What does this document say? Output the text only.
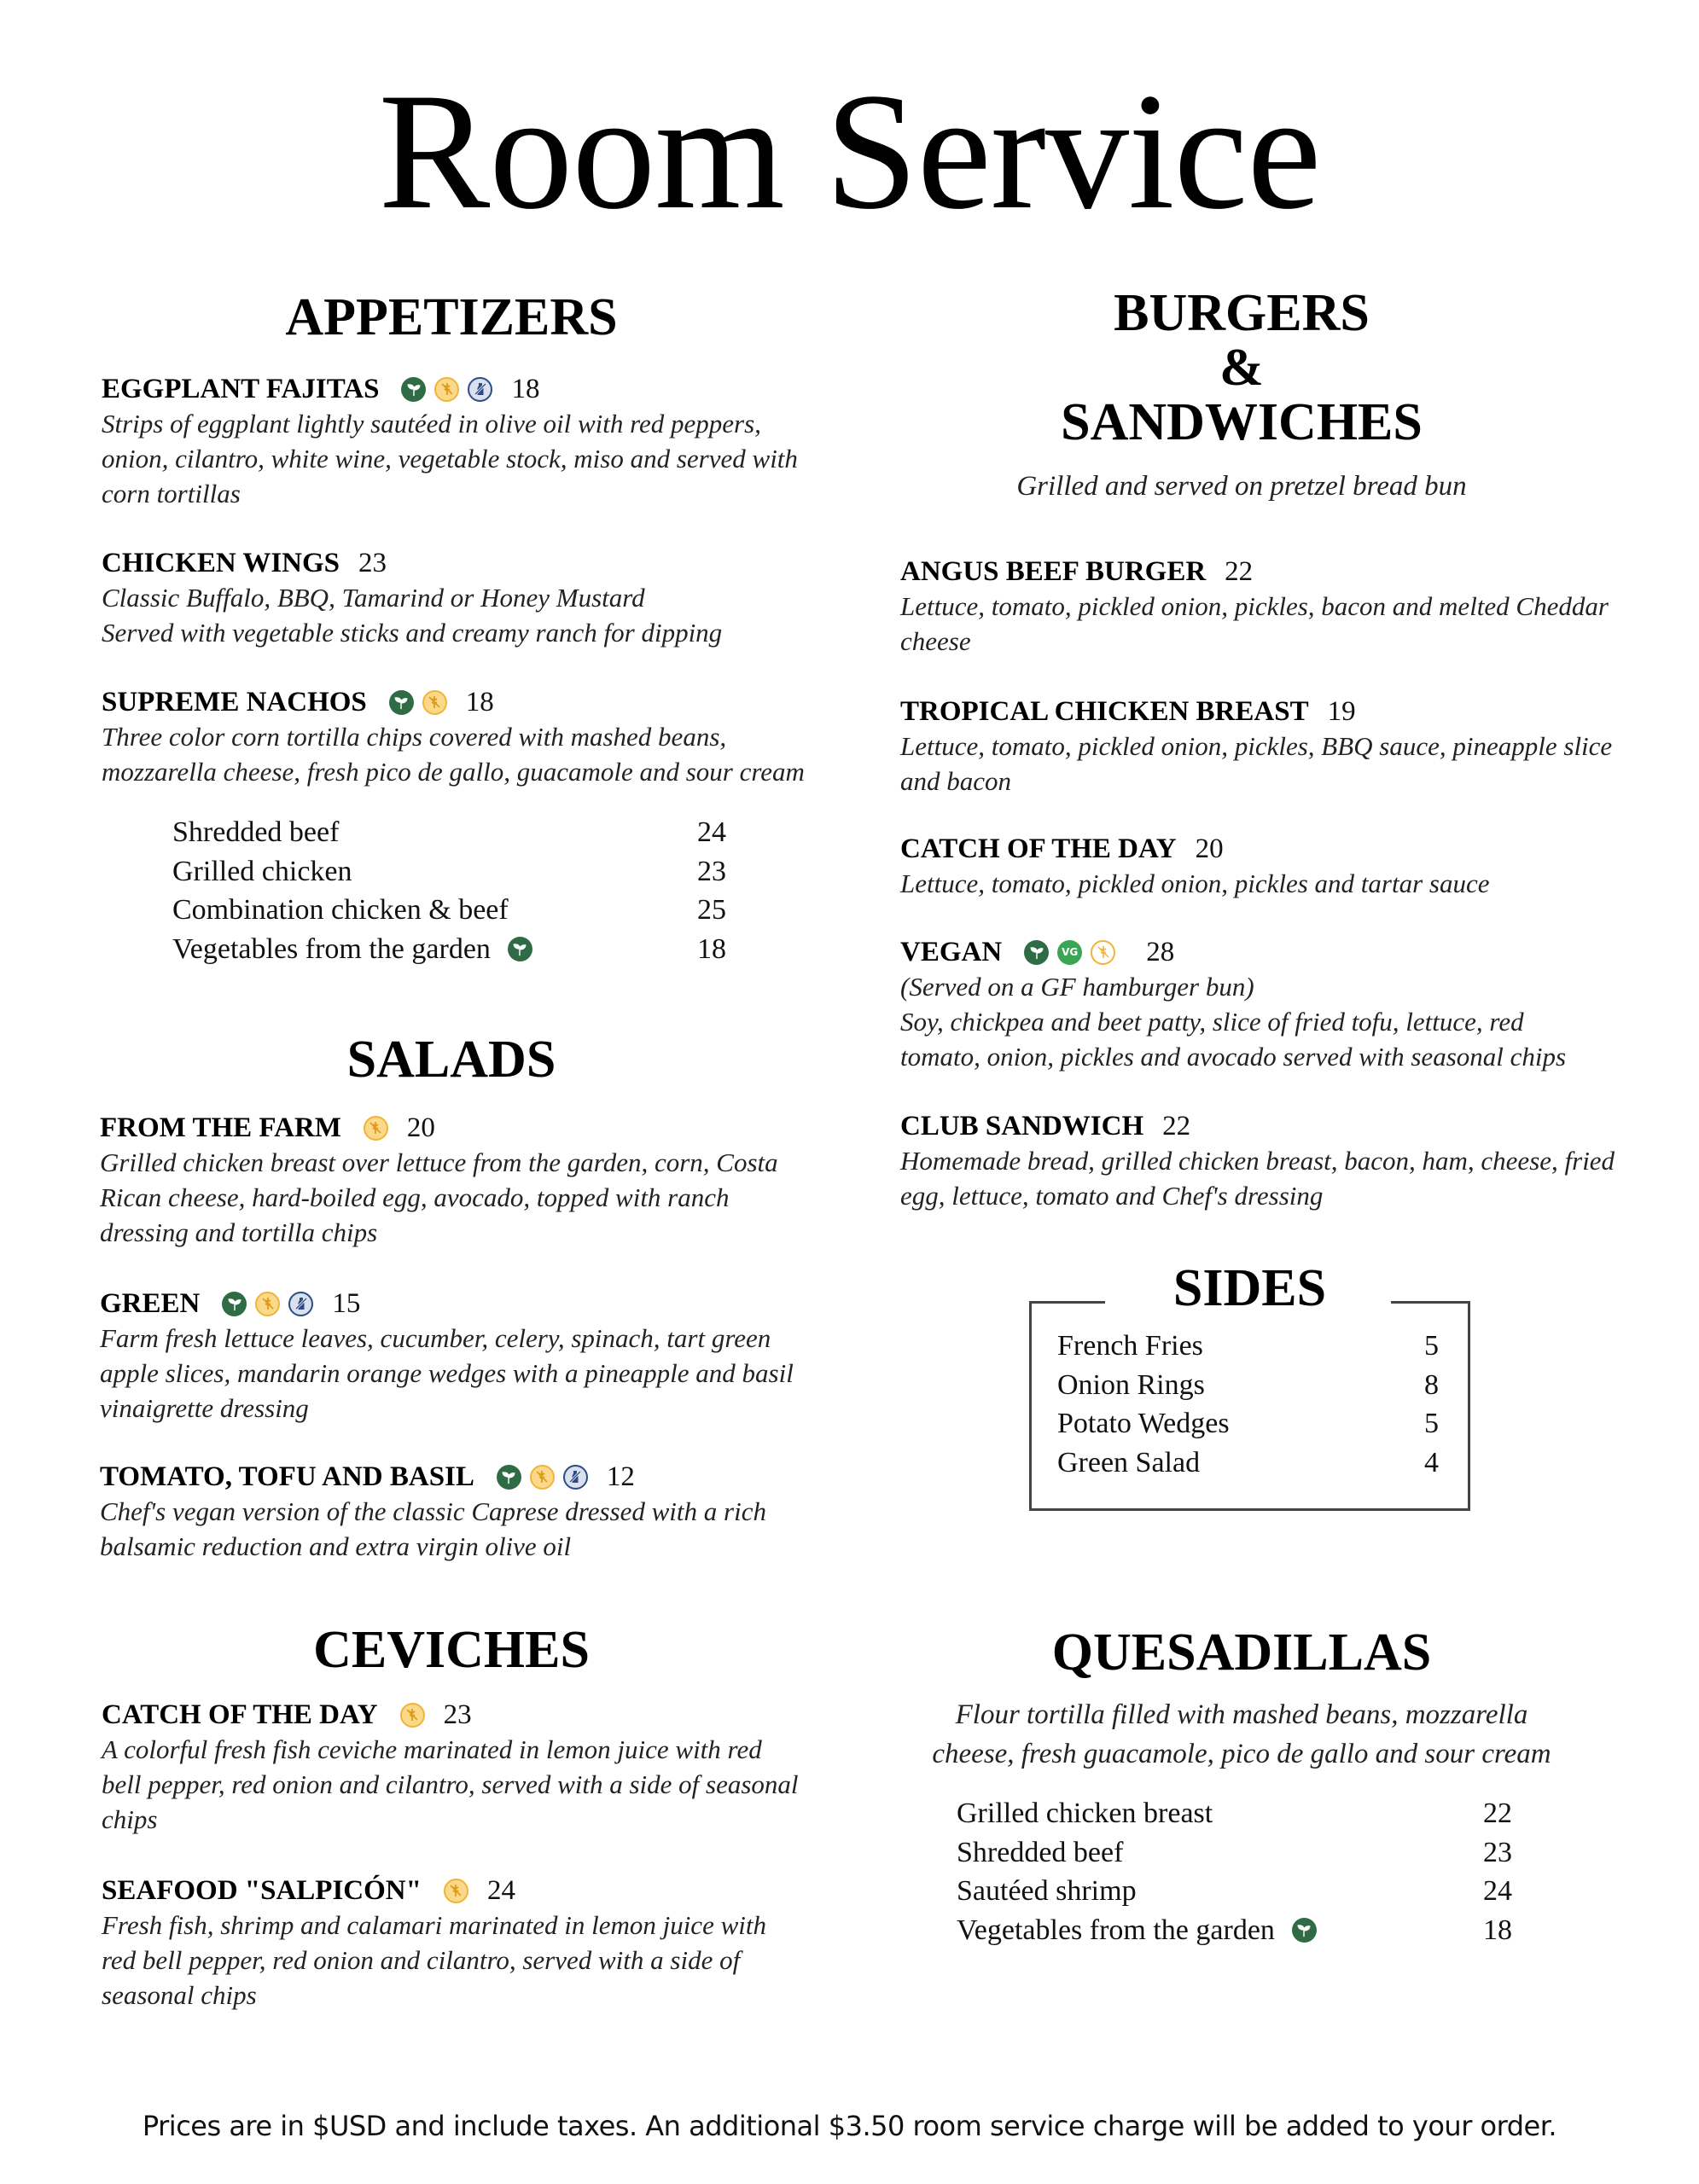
Room Service
APPETIZERS
EGGPLANT FAJITAS	18
Strips of eggplant lightly sautéed in olive oil with red peppers,
onion, cilantro, white wine, vegetable stock, miso and served with
corn tortillas
CHICKEN WINGS 23
Classic Buffalo, BBQ, Tamarind or Honey Mustard
Served with vegetable sticks and creamy ranch for dipping
SUPREME NACHOS	18
Three color corn tortilla chips covered with mashed beans,
mozzarella cheese, fresh pico de gallo, guacamole and sour cream
Shredded beef	24
Grilled chicken	23
Combination chicken & beef	25
Vegetables from the garden	18
SALADS
FROM THE FARM 20
Grilled chicken breast over lettuce from the garden, corn, Costa
Rican cheese, hard-boiled egg, avocado, topped with ranch
dressing and tortilla chips
GREEN	15
Farm fresh lettuce leaves, cucumber, celery, spinach, tart green
apple slices, mandarin orange wedges with a pineapple and basil
vinaigrette dressing
TOMATO, TOFU AND BASIL	12
Chef's vegan version of the classic Caprese dressed with a rich
balsamic reduction and extra virgin olive oil
CEVICHES
CATCH OF THE DAY 23
A colorful fresh fish ceviche marinated in lemon juice with red
bell pepper, red onion and cilantro, served with a side of seasonal
chips
SEAFOOD "SALPICÓN" 24
Fresh fish, shrimp and calamari marinated in lemon juice with
red bell pepper, red onion and cilantro, served with a side of
seasonal chips
BURGERS
&
SANDWICHES
Grilled and served on pretzel bread bun
ANGUS BEEF BURGER 22
Lettuce, tomato, pickled onion, pickles, bacon and melted Cheddar
cheese
TROPICAL CHICKEN BREAST 19
Lettuce, tomato, pickled onion, pickles, BBQ sauce, pineapple slice
and bacon
CATCH OF THE DAY 20
Lettuce, tomato, pickled onion, pickles and tartar sauce
VEGAN	VG 28
(Served on a GF hamburger bun)
Soy, chickpea and beet patty, slice of fried tofu, lettuce, red
tomato, onion, pickles and avocado served with seasonal chips
CLUB SANDWICH 22
Homemade bread, grilled chicken breast, bacon, ham, cheese, fried
egg, lettuce, tomato and Chef's dressing
SIDES
French Fries	5
Onion Rings	8
Potato Wedges	5
Green Salad	4
QUESADILLAS
Flour tortilla filled with mashed beans, mozzarella
cheese, fresh guacamole, pico de gallo and sour cream
Grilled chicken breast	22
Shredded beef	23
Sautéed shrimp	24
Vegetables from the garden	18
Prices are in $USD and include taxes. An additional $3.50 room service charge will be added to your order.
